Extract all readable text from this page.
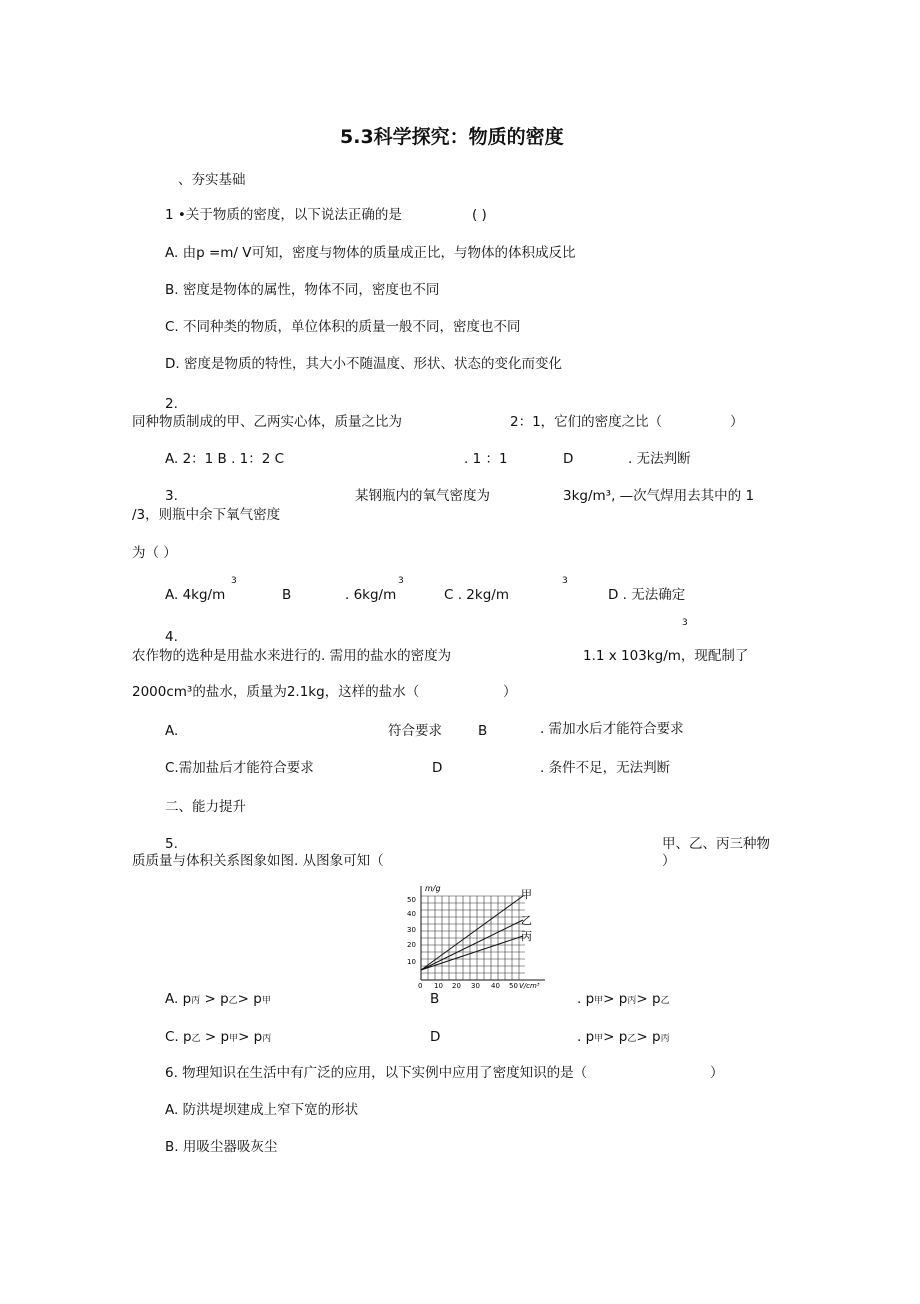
5.3科学探究：物质的密度
、夯实基础
1 •关于物质的密度，以下说法正确的是	( )
A. 由p =m/ V可知，密度与物体的质量成正比，与物体的体积成反比
B. 密度是物体的属性，物体不同，密度也不同
C. 不同种类的物质，单位体积的质量一般不同，密度也不同
D. 密度是物质的特性，其大小不随温度、形状、状态的变化而变化
2.
同种物质制成的甲、乙两实心体，质量之比为	2：1，它们的密度之比（	）
A. 2：1 B . 1：2 C	. 1 ：1	D	. 无法判断
3.	某钢瓶内的氧气密度为	3kg/m³, —次气焊用去其中的 1
/3，则瓶中余下氧气密度
为（ ）
3	3	3
A. 4kg/m	B	. 6kg/m	C . 2kg/m	D . 无法确定
3
4.
农作物的选种是用盐水来进行的. 需用的盐水的密度为	1.1 x 103kg/m，现配制了
2000cm³的盐水，质量为2.1kg，这样的盐水（	）
A.	符合要求	B	. 需加水后才能符合要求
C.需加盐后才能符合要求	D	. 条件不足，无法判断
二、能力提升
5.	甲、乙、丙三种物
质质量与体积关系图象如图. 从图象可知（	）
m/g	甲
乙
丙
10
20
30
40
50
0 10 20 30 40 50 V/cm³
A. p丙 > p乙> p甲	B	. p甲> p丙> p乙
C. p乙 > p甲> p丙	D	. p甲> p乙> p丙
6. 物理知识在生活中有广泛的应用，以下实例中应用了密度知识的是（	）
A. 防洪堤坝建成上窄下宽的形状
B. 用吸尘器吸灰尘
